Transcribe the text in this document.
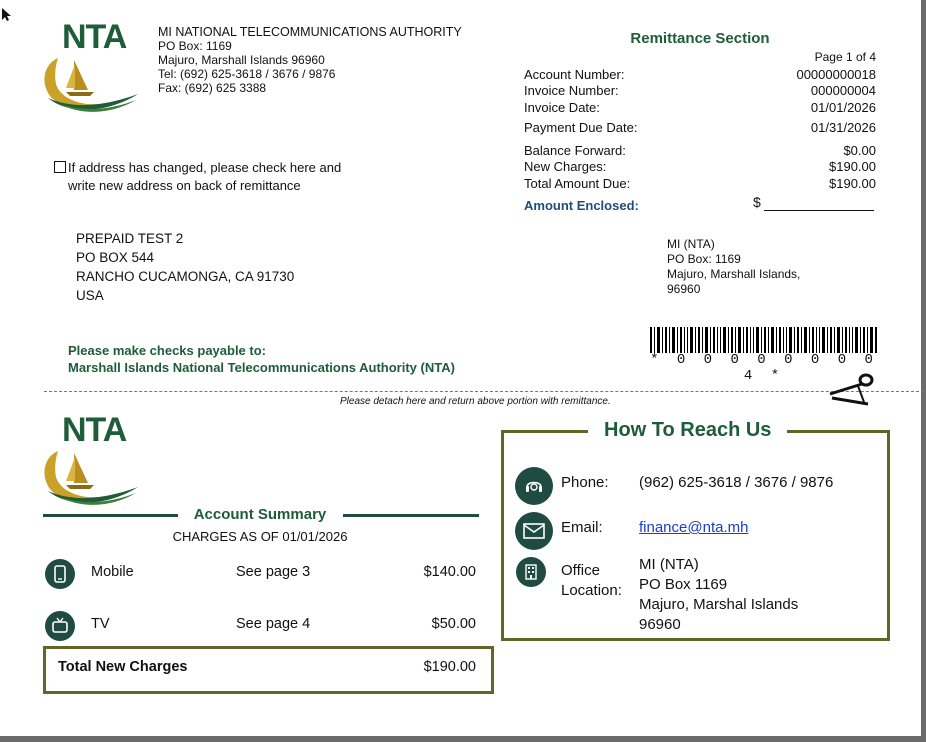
NTA	MI NATIONAL TELECOMMUNICATIONS AUTHORITY
PO Box: 1169
Majuro, Marshall Islands 96960
Tel: (692) 625-3618 / 3676 / 9876
Fax: (692) 625 3388
Remittance Section
Page 1 of 4
Account Number:	00000000018
Invoice Number:	000000004
Invoice Date:	01/01/2026
Payment Due Date:	01/31/2026
Balance Forward:	$0.00
New Charges:	$190.00
Total Amount Due:	$190.00
Amount Enclosed:	$
If address has changed, please check here and
write new address on back of remittance
PREPAID TEST 2
PO BOX 544
RANCHO CUCAMONGA, CA 91730
USA
MI (NTA)
PO Box: 1169
Majuro, Marshall Islands,
96960
Please make checks payable to:
Marshall Islands National Telecommunications Authority (NTA)	* 0 0 0 0 0 0 0 0 4 *
Please detach here and return above portion with remittance.
NTA
Account Summary
CHARGES AS OF 01/01/2026
Mobile	See page 3	$140.00
TV	See page 4	$50.00
Total New Charges	$190.00
How To Reach Us
Phone: (962) 625-3618 / 3676 / 9876
Email: finance@nta.mh
Office
Location:
MI (NTA)
PO Box 1169
Majuro, Marshal Islands
96960
